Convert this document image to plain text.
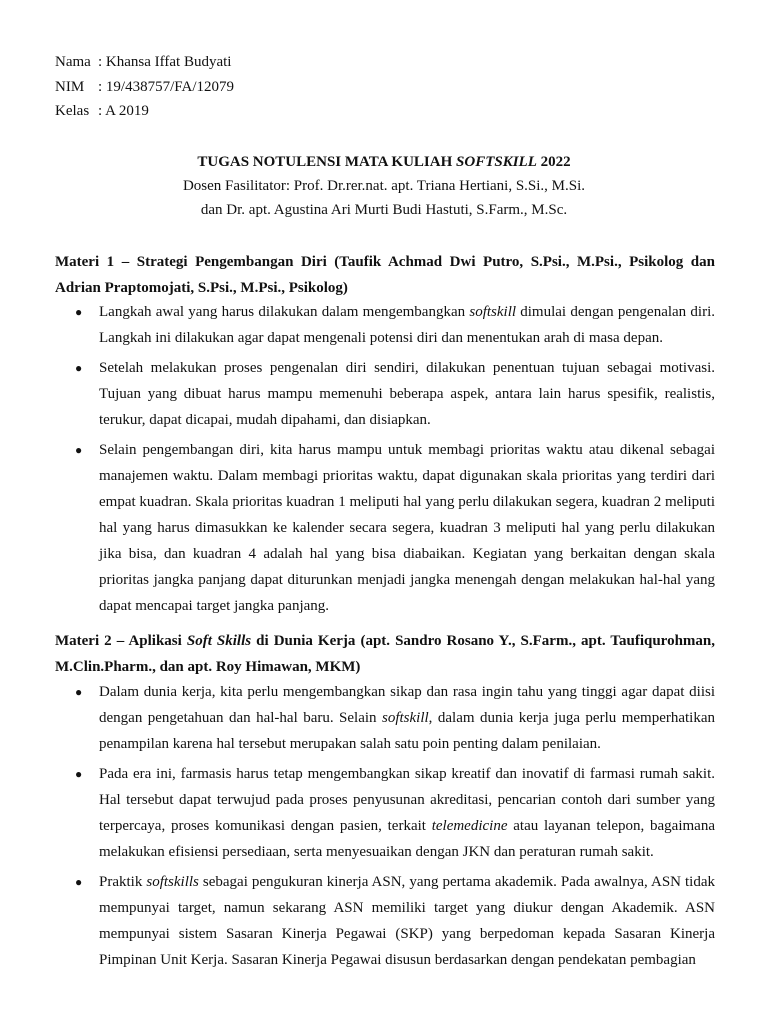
Nama : Khansa Iffat Budyati
NIM : 19/438757/FA/12079
Kelas : A 2019
TUGAS NOTULENSI MATA KULIAH SOFTSKILL 2022
Dosen Fasilitator: Prof. Dr.rer.nat. apt. Triana Hertiani, S.Si., M.Si.
dan Dr. apt. Agustina Ari Murti Budi Hastuti, S.Farm., M.Sc.
Materi 1 – Strategi Pengembangan Diri (Taufik Achmad Dwi Putro, S.Psi., M.Psi., Psikolog dan
Adrian Praptomojati, S.Psi., M.Psi., Psikolog)
● Langkah awal yang harus dilakukan dalam mengembangkan softskill dimulai dengan pengenalan diri. Langkah ini dilakukan agar dapat mengenali potensi diri dan menentukan arah di masa depan.
● Setelah melakukan proses pengenalan diri sendiri, dilakukan penentuan tujuan sebagai motivasi. Tujuan yang dibuat harus mampu memenuhi beberapa aspek, antara lain harus spesifik, realistis, terukur, dapat dicapai, mudah dipahami, dan disiapkan.
● Selain pengembangan diri, kita harus mampu untuk membagi prioritas waktu atau dikenal sebagai manajemen waktu. Dalam membagi prioritas waktu, dapat digunakan skala prioritas yang terdiri dari empat kuadran. Skala prioritas kuadran 1 meliputi hal yang perlu dilakukan segera, kuadran 2 meliputi hal yang harus dimasukkan ke kalender secara segera, kuadran 3 meliputi hal yang perlu dilakukan jika bisa, dan kuadran 4 adalah hal yang bisa diabaikan. Kegiatan yang berkaitan dengan skala prioritas jangka panjang dapat diturunkan menjadi jangka menengah dengan melakukan hal-hal yang dapat mencapai target jangka panjang.
Materi 2 – Aplikasi Soft Skills di Dunia Kerja (apt. Sandro Rosano Y., S.Farm., apt. Taufiqurohman,
M.Clin.Pharm., dan apt. Roy Himawan, MKM)
● Dalam dunia kerja, kita perlu mengembangkan sikap dan rasa ingin tahu yang tinggi agar dapat diisi dengan pengetahuan dan hal-hal baru. Selain softskill, dalam dunia kerja juga perlu memperhatikan penampilan karena hal tersebut merupakan salah satu poin penting dalam penilaian.
● Pada era ini, farmasis harus tetap mengembangkan sikap kreatif dan inovatif di farmasi rumah sakit. Hal tersebut dapat terwujud pada proses penyusunan akreditasi, pencarian contoh dari sumber yang terpercaya, proses komunikasi dengan pasien, terkait telemedicine atau layanan telepon, bagaimana melakukan efisiensi persediaan, serta menyesuaikan dengan JKN dan peraturan rumah sakit.
● Praktik softskills sebagai pengukuran kinerja ASN, yang pertama akademik. Pada awalnya, ASN tidak mempunyai target, namun sekarang ASN memiliki target yang diukur dengan Akademik. ASN mempunyai sistem Sasaran Kinerja Pegawai (SKP) yang berpedoman kepada Sasaran Kinerja Pimpinan Unit Kerja. Sasaran Kinerja Pegawai disusun berdasarkan dengan pendekatan pembagian
